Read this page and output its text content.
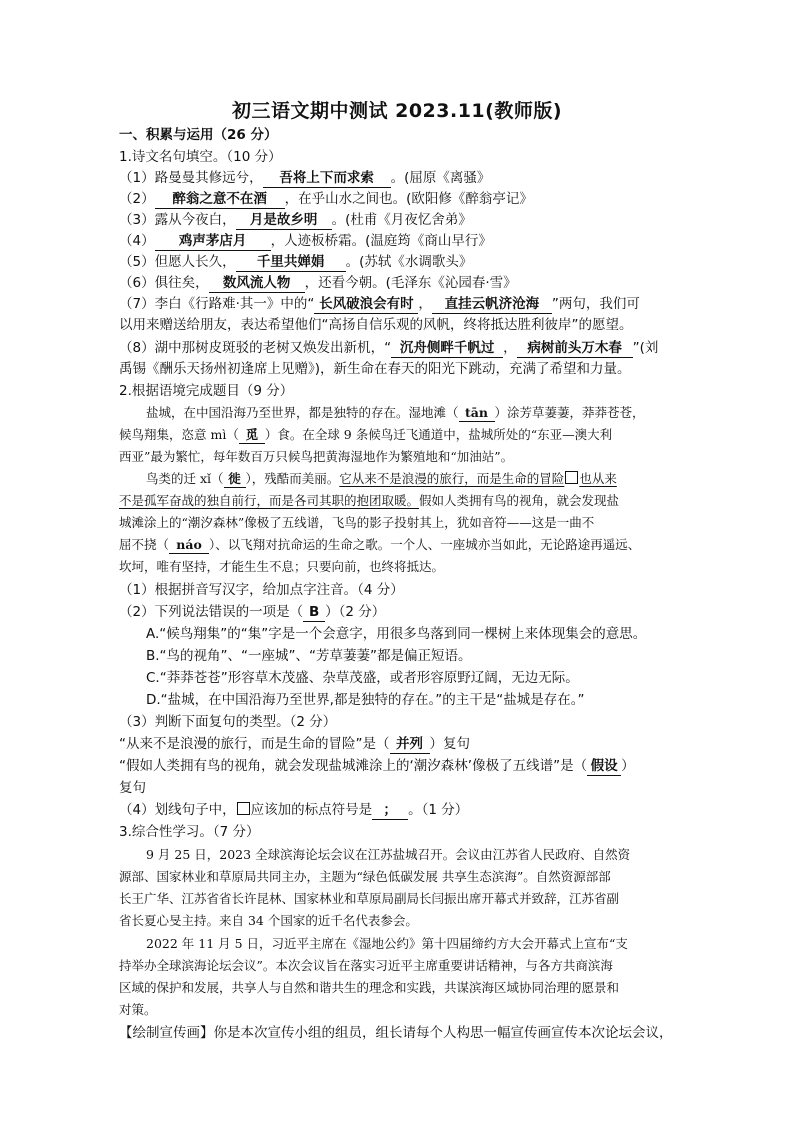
初三语文期中测试 2023.11(教师版)
一、积累与运用（26 分）
1.诗文名句填空。（10 分）
（1）路曼曼其修远兮， 吾将上下而求索 。(屈原《离骚》
（2） 醉翁之意不在酒 ，在乎山水之间也。(欧阳修《醉翁亭记》
（3）露从今夜白， 月是故乡明 。(杜甫《月夜忆舍弟》
（4） 鸡声茅店月 ，人迹板桥霜。(温庭筠《商山早行》
（5）但愿人长久， 千里共婵娟 。(苏轼《水调歌头》
（6）俱往矣， 数风流人物 ，还看今朝。(毛泽东《沁园春·雪》
（7）李白《行路难·其一》中的“ 长风破浪会有时 ， 直挂云帆济沧海 ”两句，我们可
以用来赠送给朋友，表达希望他们“高扬自信乐观的风帆，终将抵达胜利彼岸”的愿望。
（8）湖中那树皮斑驳的老树又焕发出新机，“ 沉舟侧畔千帆过 ， 病树前头万木春 ”(刘
禹锡《酬乐天扬州初逢席上见赠》)，新生命在春天的阳光下跳动，充满了希望和力量。
2.根据语境完成题目（9 分）
盐城，在中国沿海乃至世界，都是独特的存在。湿地滩（ tān ）涂芳草萋萋，莽莽苍苍，
候鸟翔集，恣意 mì（ 觅 ）食。在全球 9 条候鸟迁飞通道中，盐城所处的“东亚—澳大利
西亚”最为繁忙，每年数百万只候鸟把黄海湿地作为繁殖地和“加油站”。
鸟类的迁 xǐ（ 徙 ），残酷而美丽。它从来不是浪漫的旅行，而是生命的冒险 也从来
不是孤军奋战的独自前行，而是各司其职的抱团取暖。假如人类拥有鸟的视角，就会发现盐
城滩涂上的“潮汐森林”像极了五线谱，飞鸟的影子投射其上，犹如音符——这是一曲不
屈不挠（ náo ）、以飞翔对抗命运的生命之歌。一个人、一座城亦当如此，无论路途再遥远、
坎坷，唯有坚持，才能生生不息；只要向前，也终将抵达。
（1）根据拼音写汉字，给加点字注音。（4 分）
（2）下列说法错误的一项是（ B ）（2 分）
A.“候鸟翔集”的“集”字是一个会意字，用很多鸟落到同一棵树上来体现集会的意思。
B.“鸟的视角”、“一座城”、“芳草萋萋”都是偏正短语。
C.“莽莽苍苍”形容草木茂盛、杂草茂盛，或者形容原野辽阔，无边无际。
D.“盐城，在中国沿海乃至世界,都是独特的存在。”的主干是“盐城是存在。”
（3）判断下面复句的类型。（2 分）
“从来不是浪漫的旅行，而是生命的冒险”是（ 并列 ）复句
“假如人类拥有鸟的视角，就会发现盐城滩涂上的‘潮汐森林’像极了五线谱”是（ 假设 ）
复句
（4）划线句子中， 应该加的标点符号是 ； 。（1 分）
3.综合性学习。（7 分）
9 月 25 日，2023 全球滨海论坛会议在江苏盐城召开。会议由江苏省人民政府、自然资
源部、国家林业和草原局共同主办，主题为“绿色低碳发展 共享生态滨海”。自然资源部部
长王广华、江苏省省长许昆林、国家林业和草原局副局长闫振出席开幕式并致辞，江苏省副
省长夏心旻主持。来自 34 个国家的近千名代表参会。
2022 年 11 月 5 日，习近平主席在《湿地公约》第十四届缔约方大会开幕式上宣布“支
持举办全球滨海论坛会议”。本次会议旨在落实习近平主席重要讲话精神，与各方共商滨海
区域的保护和发展，共享人与自然和谐共生的理念和实践，共谋滨海区域协同治理的愿景和
对策。
【绘制宣传画】你是本次宣传小组的组员，组长请每个人构思一幅宣传画宣传本次论坛会议，
